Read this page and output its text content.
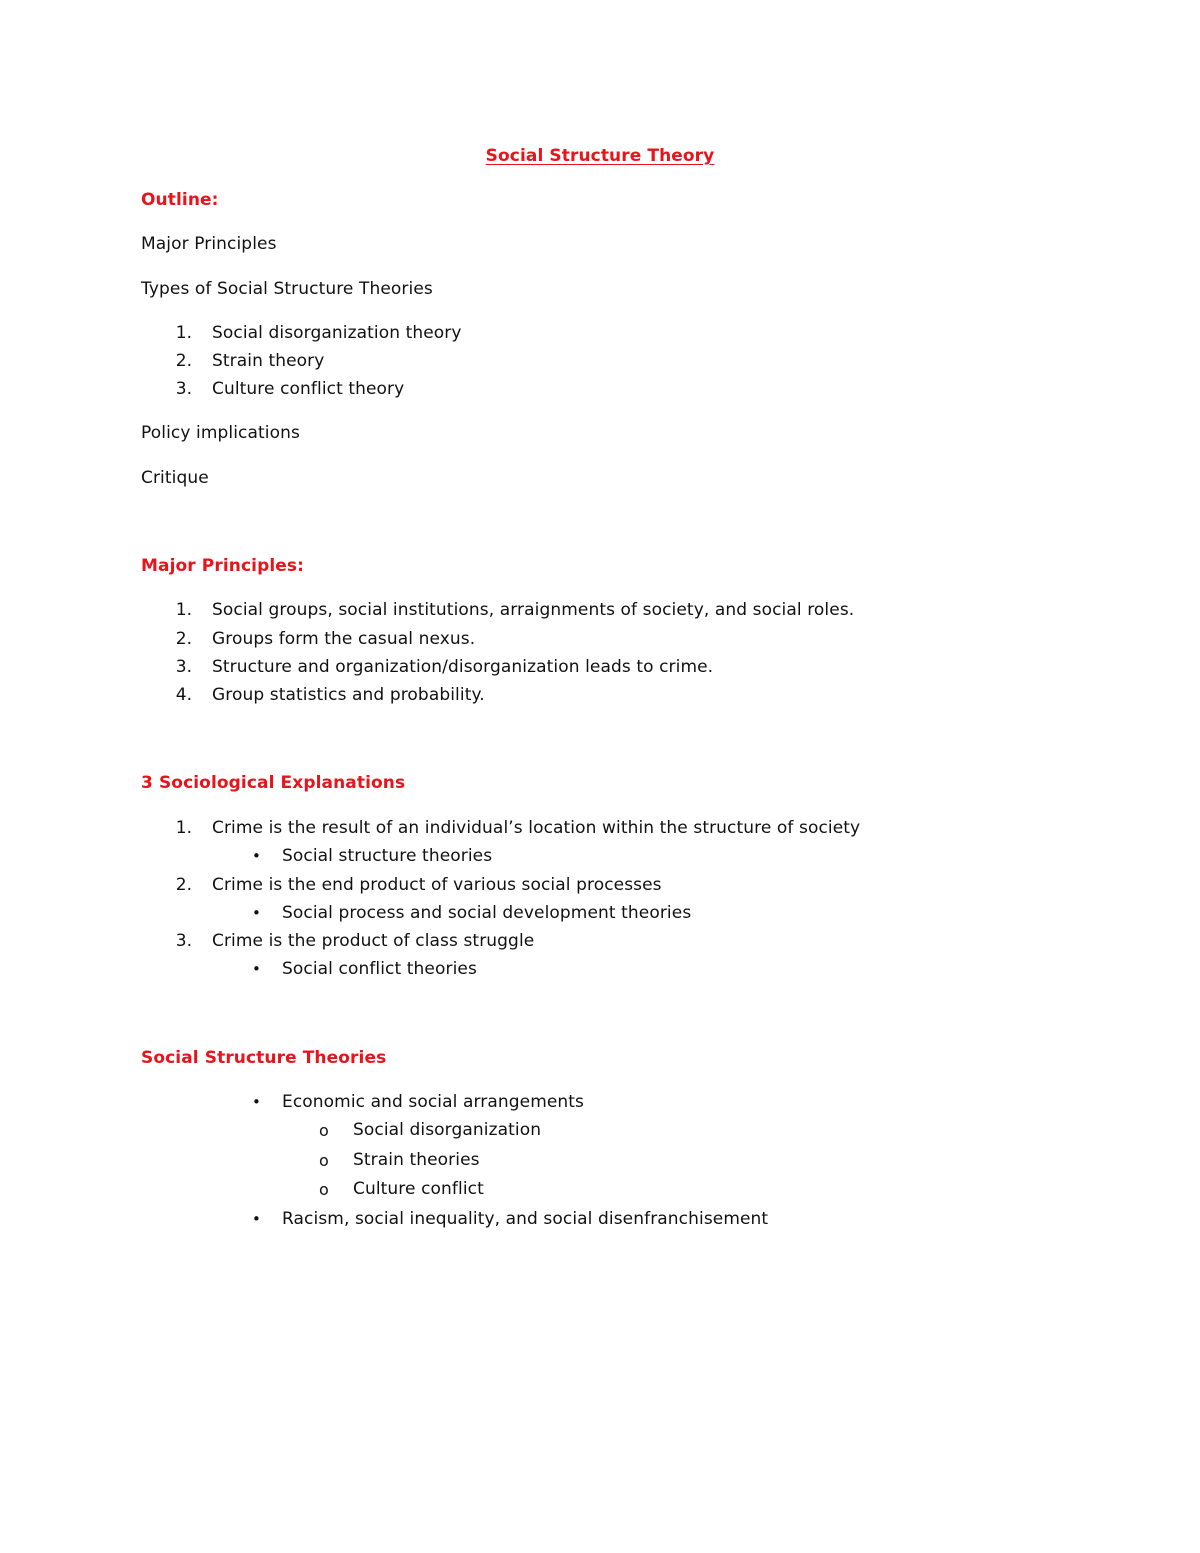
Social Structure Theory
Outline:
Major Principles
Types of Social Structure Theories
1. Social disorganization theory
2. Strain theory
3. Culture conflict theory
Policy implications
Critique
Major Principles:
1. Social groups, social institutions, arraignments of society, and social roles.
2. Groups form the casual nexus.
3. Structure and organization/disorganization leads to crime.
4. Group statistics and probability.
3 Sociological Explanations
1. Crime is the result of an individual’s location within the structure of society
• Social structure theories
2. Crime is the end product of various social processes
• Social process and social development theories
3. Crime is the product of class struggle
• Social conflict theories
Social Structure Theories
• Economic and social arrangements
o Social disorganization
o Strain theories
o Culture conflict
• Racism, social inequality, and social disenfranchisement
